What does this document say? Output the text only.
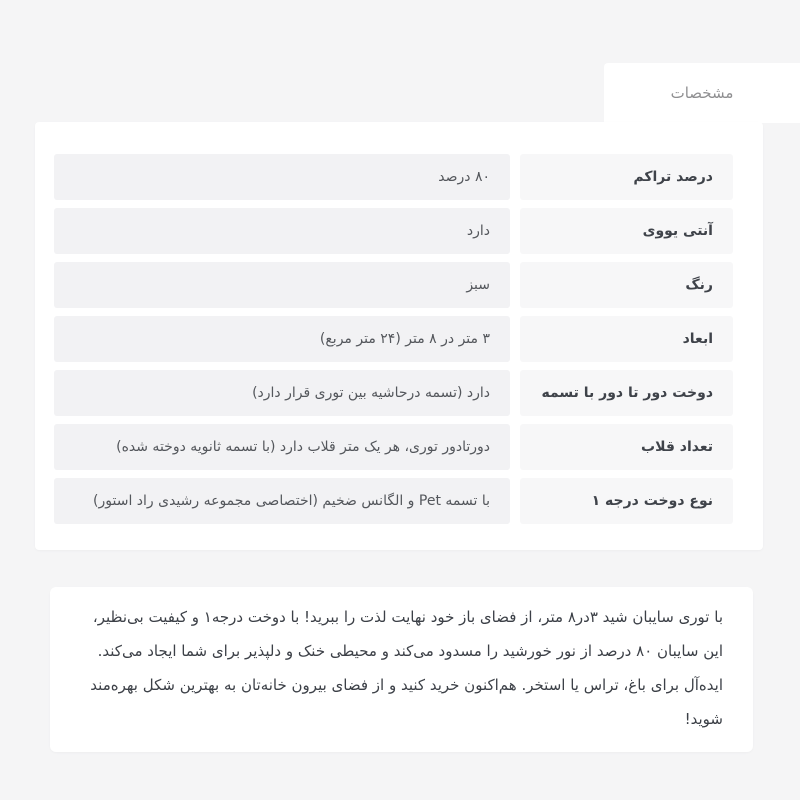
مشخصات
درصد تراکم
۸۰ درصد
آنتی یووی
دارد
رنگ
سبز
ابعاد
۳ متر در ۸ متر (۲۴ متر مربع)
دوخت دور تا دور با تسمه
دارد (تسمه درحاشیه بین توری قرار دارد)
تعداد قلاب
دورتادور توری، هر یک متر قلاب دارد (با تسمه ثانویه دوخته شده)
نوع دوخت درجه ۱
با تسمه Pet و الگانس ضخیم (اختصاصی مجموعه رشیدی راد استور)

با توری سایبان شید ۳در۸ متر، از فضای باز خود نهایت لذت را ببرید! با دوخت درجه۱ و کیفیت بی‌نظیر، این سایبان ۸۰ درصد از نور خورشید را مسدود می‌کند و محیطی خنک و دلپذیر برای شما ایجاد می‌کند. ایده‌آل برای باغ، تراس یا استخر. هم‌اکنون خرید کنید و از فضای بیرون خانه‌تان به بهترین شکل بهره‌مند شوید!
